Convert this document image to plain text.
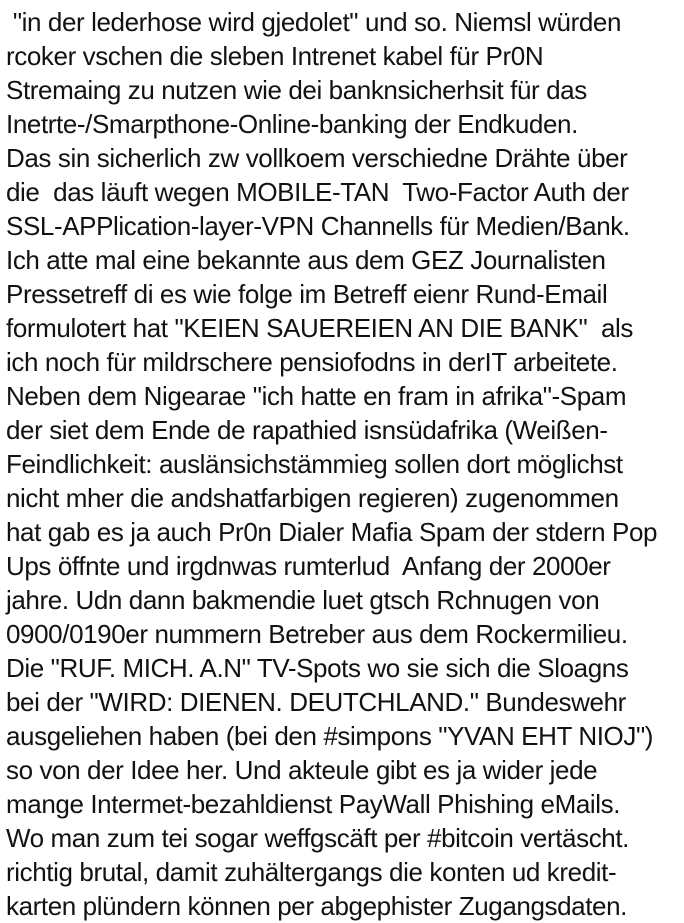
"in der lederhose wird gjedolet" und so. Niemsl würden
rcoker vschen die sleben Intrenet kabel für Pr0N
Stremaing zu nutzen wie dei banknsicherhsit für das
Inetrte-/Smarpthone-Online-banking der Endkuden.
Das sin sicherlich zw vollkoem verschiedne Drähte über
die  das läuft wegen MOBILE-TAN  Two-Factor Auth der
SSL-APPlication-layer-VPN Channells für Medien/Bank.
Ich atte mal eine bekannte aus dem GEZ Journalisten
Pressetreff di es wie folge im Betreff eienr Rund-Email
formulotert hat "KEIEN SAUEREIEN AN DIE BANK"  als
ich noch für mildrschere pensiofodns in derIT arbeitete.
Neben dem Nigearae "ich hatte en fram in afrika"-Spam
der siet dem Ende de rapathied isnsüdafrika (Weißen-
Feindlichkeit: auslänsichstämmieg sollen dort möglichst
nicht mher die andshatfarbigen regieren) zugenommen
hat gab es ja auch Pr0n Dialer Mafia Spam der stdern Pop
Ups öffnte und irgdnwas rumterlud  Anfang der 2000er
jahre. Udn dann bakmendie luet gtsch Rchnugen von
0900/0190er nummern Betreber aus dem Rockermilieu.
Die "RUF. MICH. A.N" TV-Spots wo sie sich die Sloagns
bei der "WIRD: DIENEN. DEUTCHLAND." Bundeswehr
ausgeliehen haben (bei den #simpons "YVAN EHT NIOJ")
so von der Idee her. Und akteule gibt es ja wider jede
mange Intermet-bezahldienst PayWall Phishing eMails.
Wo man zum tei sogar weffgscäft per #bitcoin vertäscht.
richtig brutal, damit zuhältergangs die konten ud kredit-
karten plündern können per abgephister Zugangsdaten.
